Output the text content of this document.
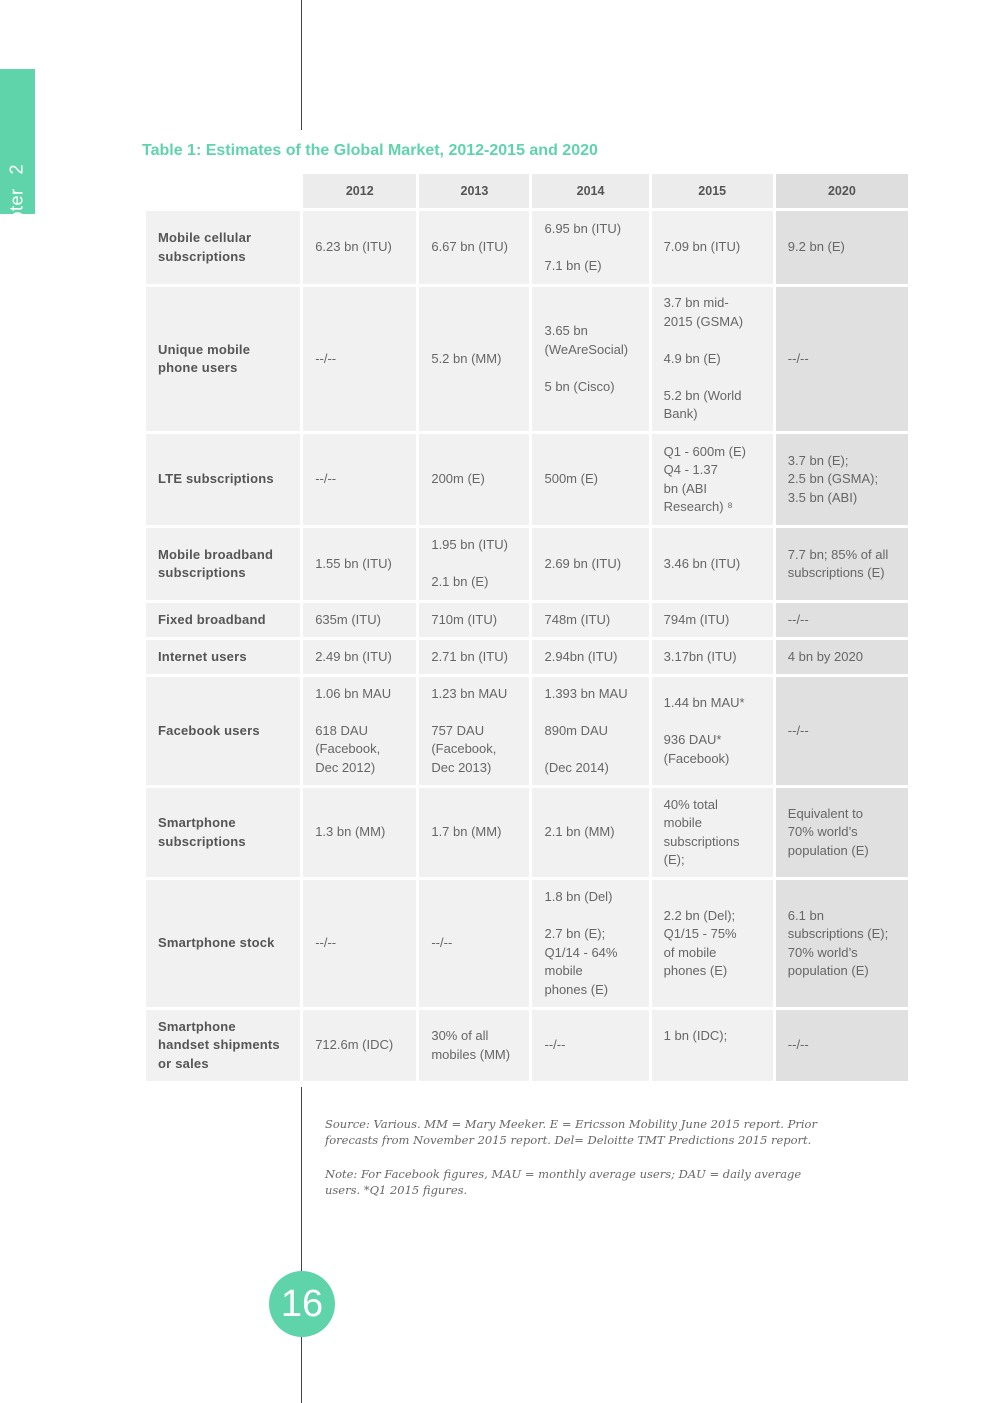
Chapter2
Table 1: Estimates of the Global Market, 2012-2015 and 2020
	2012	2013	2014	2015	2020
Mobile cellular
subscriptions	6.23 bn (ITU)	6.67 bn (ITU)	6.95 bn (ITU)

7.1 bn (E)	7.09 bn (ITU)	9.2 bn (E)
Unique mobile
phone users	--/--	5.2 bn (MM)	3.65 bn
(WeAreSocial)

5 bn (Cisco)	3.7 bn mid-
2015 (GSMA)

4.9 bn (E)

5.2 bn (World
Bank)	--/--
LTE subscriptions	--/--	200m (E)	500m (E)	Q1 - 600m (E)
Q4 - 1.37
bn (ABI
Research) ⁸	3.7 bn (E);
2.5 bn (GSMA);
3.5 bn (ABI)
Mobile broadband
subscriptions	1.55 bn (ITU)	1.95 bn (ITU)

2.1 bn (E)	2.69 bn (ITU)	3.46 bn (ITU)	7.7 bn; 85% of all
subscriptions (E)
Fixed broadband	635m (ITU)	710m (ITU)	748m (ITU)	794m (ITU)	--/--
Internet users	2.49 bn (ITU)	2.71 bn (ITU)	2.94bn (ITU)	3.17bn (ITU)	4 bn by 2020
Facebook users	1.06 bn MAU

618 DAU
(Facebook,
Dec 2012)	1.23 bn MAU

757 DAU
(Facebook,
Dec 2013)	1.393 bn MAU

890m DAU

(Dec 2014)	1.44 bn MAU*

936 DAU*
(Facebook)	--/--
Smartphone
subscriptions	1.3 bn (MM)	1.7 bn (MM)	2.1 bn (MM)	40% total
mobile
subscriptions
(E);	Equivalent to
70% world’s
population (E)
Smartphone stock	--/--	--/--	1.8 bn (Del)

2.7 bn (E);
Q1/14 - 64%
mobile
phones (E)	2.2 bn (Del);
Q1/15 - 75%
of mobile
phones (E)	6.1 bn
subscriptions (E);
70% world’s
population (E)
Smartphone
handset shipments
or sales	712.6m (IDC)	30% of all
mobiles (MM)	--/--	1 bn (IDC);	--/--

Source: Various. MM = Mary Meeker. E = Ericsson Mobility June 2015 report. Prior forecasts from November 2015 report. Del= Deloitte TMT Predictions 2015 report.

Note: For Facebook figures, MAU = monthly average users; DAU = daily average users. *Q1 2015 figures.

16
